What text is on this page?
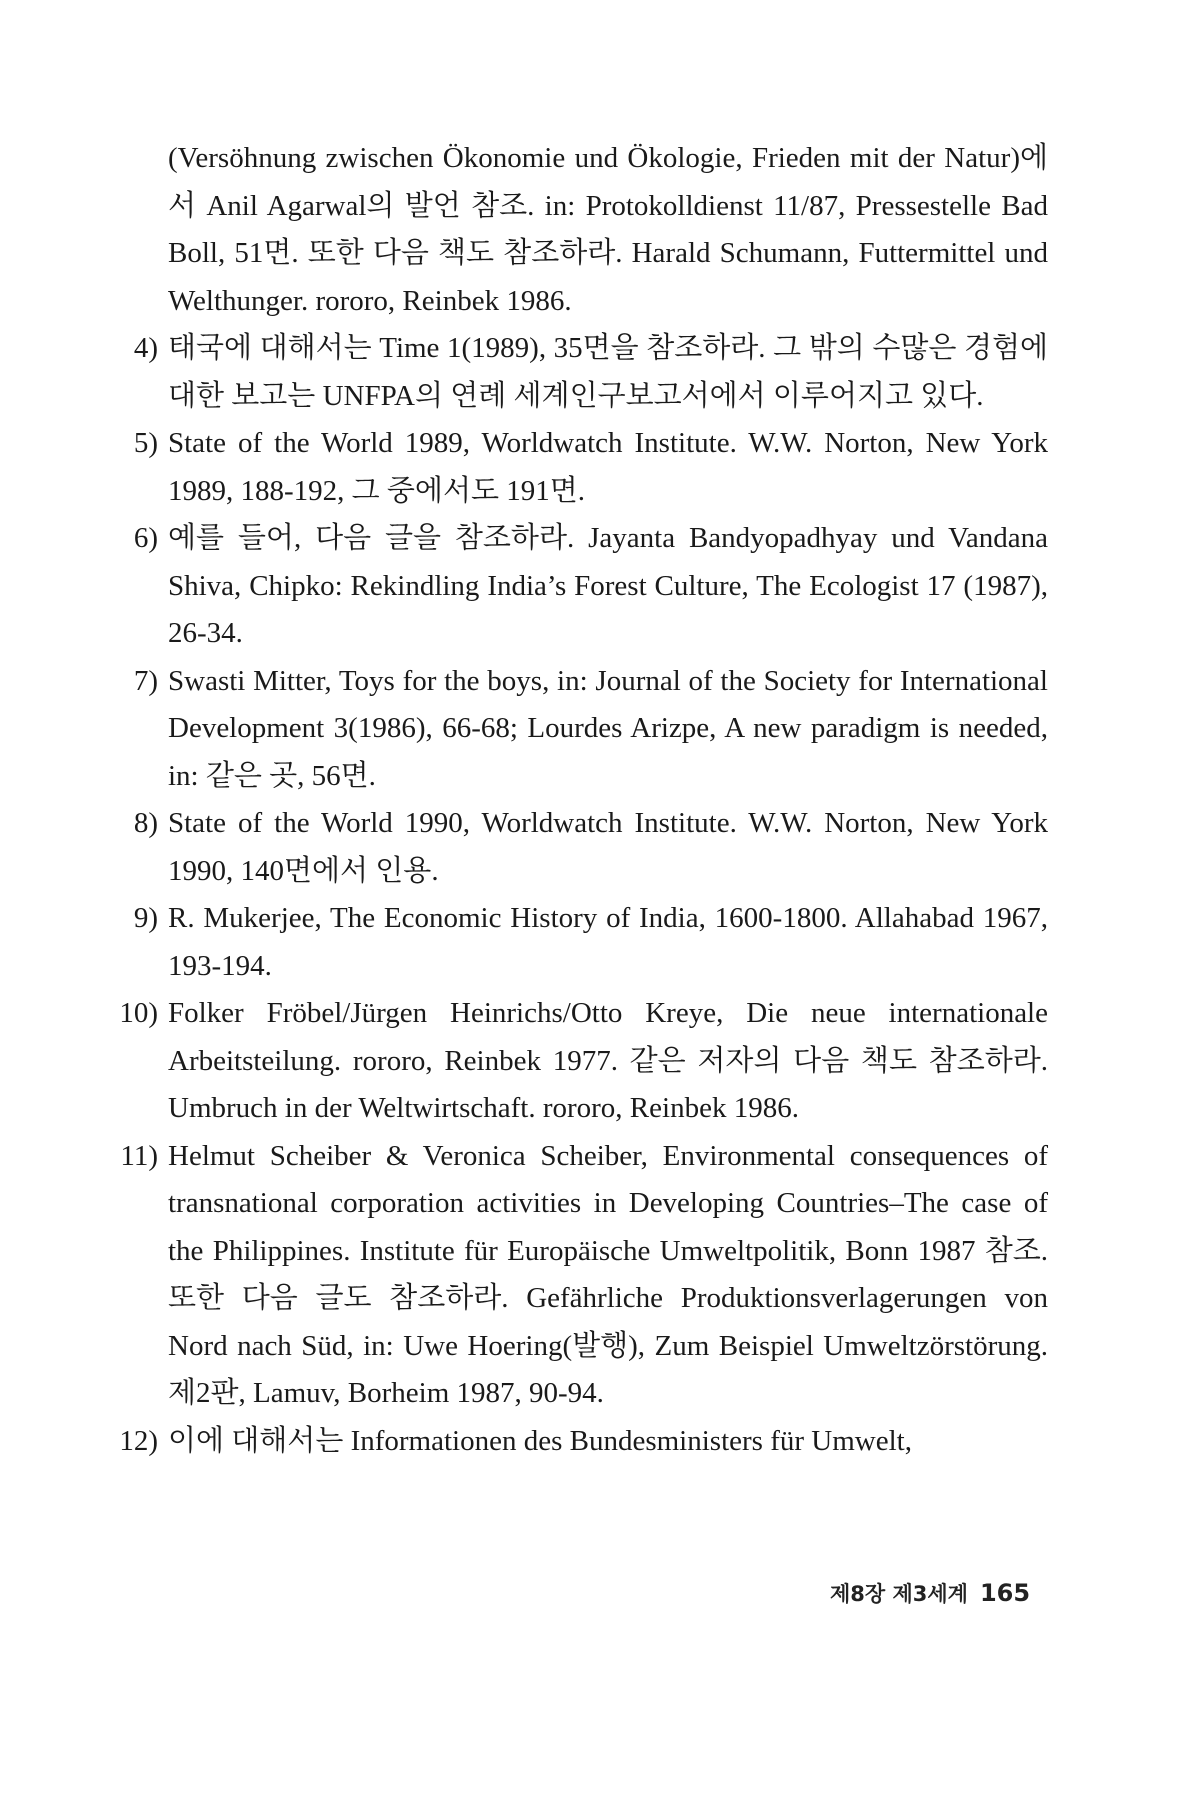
(Versöhnung zwischen Ökonomie und Ökologie, Frieden mit der Natur)에서 Anil Agarwal의 발언 참조. in: Protokolldienst 11/87, Pressestelle Bad Boll, 51면. 또한 다음 책도 참조하라. Harald Schumann, Futtermittel und Welthunger. rororo, Reinbek 1986.

4) 태국에 대해서는 Time 1(1989), 35면을 참조하라. 그 밖의 수많은 경험에 대한 보고는 UNFPA의 연례 세계인구보고서에서 이루어지고 있다.
5) State of the World 1989, Worldwatch Institute. W.W. Norton, New York 1989, 188-192, 그 중에서도 191면.
6) 예를 들어, 다음 글을 참조하라. Jayanta Bandyopadhyay und Vandana Shiva, Chipko: Rekindling India’s Forest Culture, The Ecologist 17 (1987), 26-34.
7) Swasti Mitter, Toys for the boys, in: Journal of the Society for International Development 3(1986), 66-68; Lourdes Arizpe, A new paradigm is needed, in: 같은 곳, 56면.
8) State of the World 1990, Worldwatch Institute. W.W. Norton, New York 1990, 140면에서 인용.
9) R. Mukerjee, The Economic History of India, 1600-1800. Allahabad 1967, 193-194.
10) Folker Fröbel/Jürgen Heinrichs/Otto Kreye, Die neue internationale Arbeitsteilung. rororo, Reinbek 1977. 같은 저자의 다음 책도 참조하라. Umbruch in der Weltwirtschaft. rororo, Reinbek 1986.
11) Helmut Scheiber & Veronica Scheiber, Environmental consequences of transnational corporation activities in Developing Countries–The case of the Philippines. Institute für Europäische Umweltpolitik, Bonn 1987 참조. 또한 다음 글도 참조하라. Gefährliche Produktionsverlagerungen von Nord nach Süd, in: Uwe Hoering(발행), Zum Beispiel Umweltzörstörung. 제2판, Lamuv, Borheim 1987, 90-94.
12) 이에 대해서는 Informationen des Bundesministers für Umwelt,
제8장 제3세계 165
